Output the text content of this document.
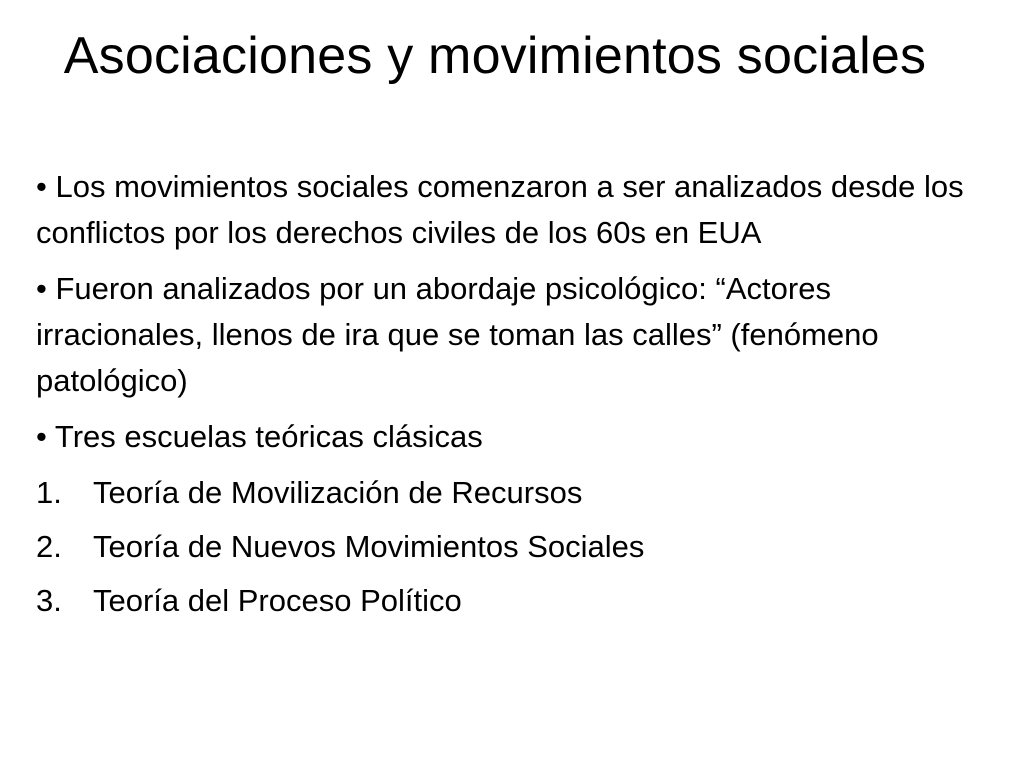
Asociaciones y movimientos sociales

• Los movimientos sociales comenzaron a ser analizados desde los conflictos por los derechos civiles de los 60s en EUA

• Fueron analizados por un abordaje psicológico: “Actores irracionales, llenos de ira que se toman las calles” (fenómeno patológico)

• Tres escuelas teóricas clásicas

1.	Teoría de Movilización de Recursos
2.	Teoría de Nuevos Movimientos Sociales
3.	Teoría del Proceso Político
